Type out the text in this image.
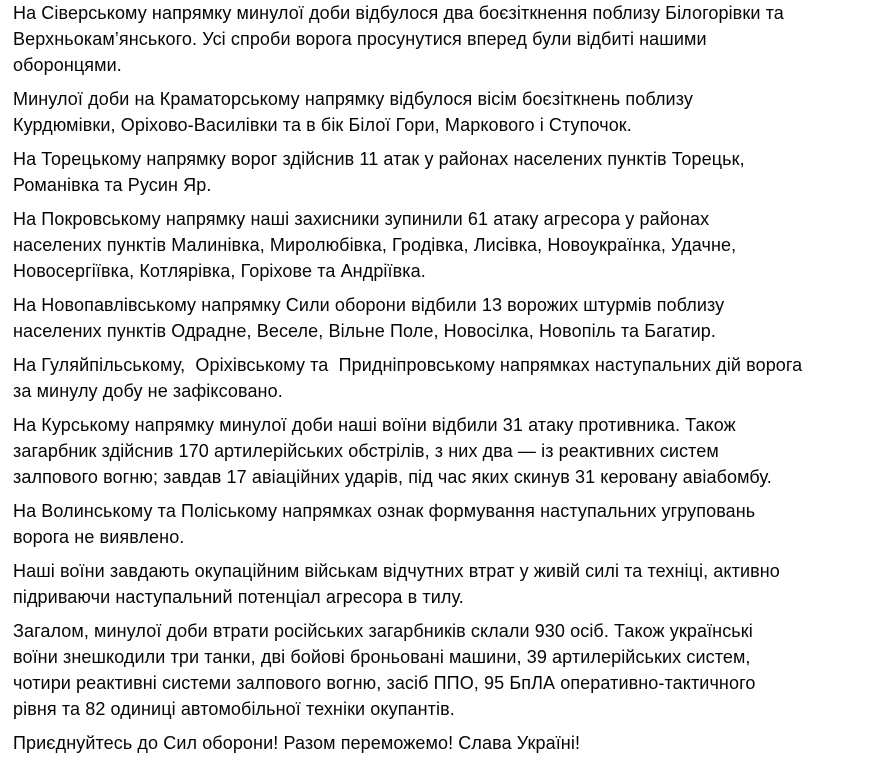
На Сіверському напрямку минулої доби відбулося два боєзіткнення поблизу Білогорівки та
Верхньокам’янського. Усі спроби ворога просунутися вперед були відбиті нашими
оборонцями.

Минулої доби на Краматорському напрямку відбулося вісім боєзіткнень поблизу
Курдюмівки, Оріхово-Василівки та в бік Білої Гори, Маркового і Ступочок.

На Торецькому напрямку ворог здійснив 11 атак у районах населених пунктів Торецьк,
Романівка та Русин Яр.

На Покровському напрямку наші захисники зупинили 61 атаку агресора у районах
населених пунктів Малинівка, Миролюбівка, Гродівка, Лисівка, Новоукраїнка, Удачне,
Новосергіївка, Котлярівка, Горіхове та Андріївка.

На Новопавлівському напрямку Сили оборони відбили 13 ворожих штурмів поблизу
населених пунктів Одрадне, Веселе, Вільне Поле, Новосілка, Новопіль та Багатир.

На Гуляйпільському,  Оріхівському та  Придніпровському напрямках наступальних дій ворога
за минулу добу не зафіксовано.

На Курському напрямку минулої доби наші воїни відбили 31 атаку противника. Також
загарбник здійснив 170 артилерійських обстрілів, з них два — із реактивних систем
залпового вогню; завдав 17 авіаційних ударів, під час яких скинув 31 керовану авіабомбу.

На Волинському та Поліському напрямках ознак формування наступальних угруповань
ворога не виявлено.

Наші воїни завдають окупаційним військам відчутних втрат у живій силі та техніці, активно
підриваючи наступальний потенціал агресора в тилу.

Загалом, минулої доби втрати російських загарбників склали 930 осіб. Також українські
воїни знешкодили три танки, дві бойові броньовані машини, 39 артилерійських систем,
чотири реактивні системи залпового вогню, засіб ППО, 95 БпЛА оперативно-тактичного
рівня та 82 одиниці автомобільної техніки окупантів.

Приєднуйтесь до Сил оборони! Разом переможемо! Слава Україні!
